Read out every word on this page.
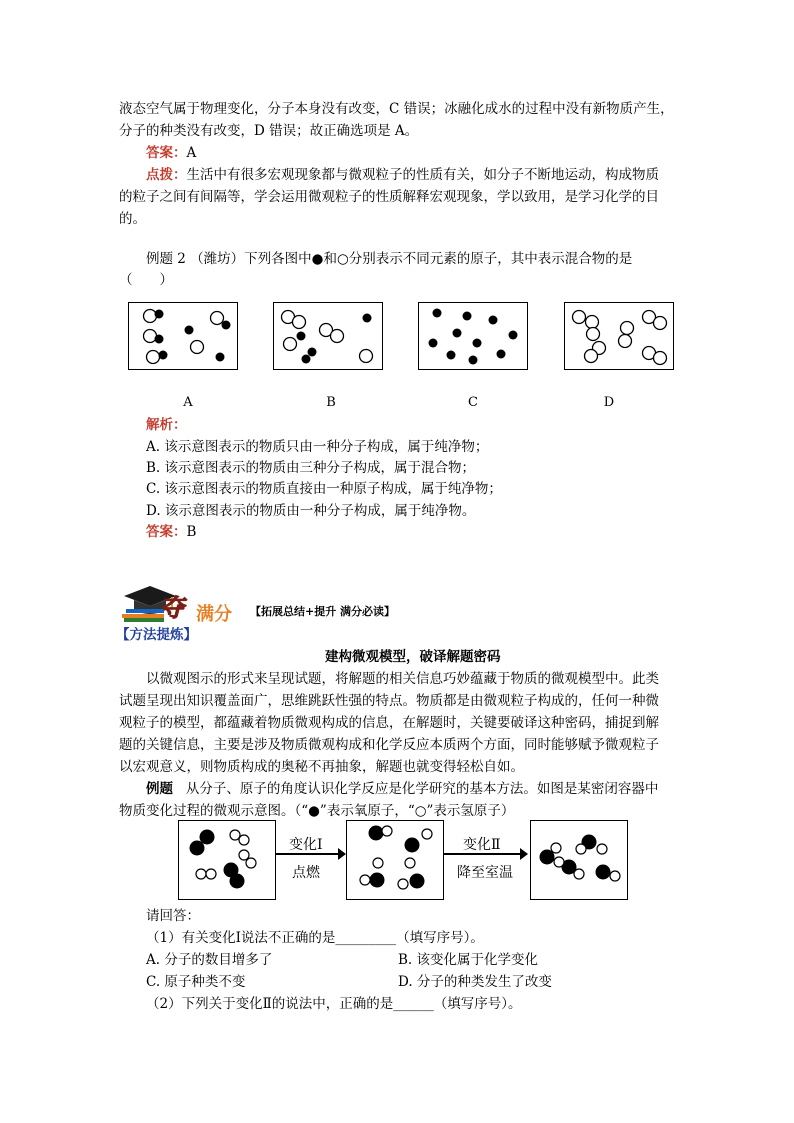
液态空气属于物理变化，分子本身没有改变，C 错误；冰融化成水的过程中没有新物质产生，
分子的种类没有改变，D 错误；故正确选项是 A。
答案：A
点拨：生活中有很多宏观现象都与微观粒子的性质有关，如分子不断地运动，构成物质
的粒子之间有间隔等，学会运用微观粒子的性质解释宏观现象，学以致用，是学习化学的目
的。
例题 2 （潍坊）下列各图中●和○分别表示不同元素的原子，其中表示混合物的是
（　　）
A	B	C	D
解析：
A. 该示意图表示的物质只由一种分子构成，属于纯净物；
B. 该示意图表示的物质由三种分子构成，属于混合物；
C. 该示意图表示的物质直接由一种原子构成，属于纯净物；
D. 该示意图表示的物质由一种分子构成，属于纯净物。
答案：B
夺 满分 【拓展总结+提升 满分必读】
【方法提炼】
建构微观模型，破译解题密码
以微观图示的形式来呈现试题，将解题的相关信息巧妙蕴藏于物质的微观模型中。此类
试题呈现出知识覆盖面广，思维跳跃性强的特点。物质都是由微观粒子构成的，任何一种微
观粒子的模型，都蕴藏着物质微观构成的信息，在解题时，关键要破译这种密码，捕捉到解
题的关键信息，主要是涉及物质微观构成和化学反应本质两个方面，同时能够赋予微观粒子
以宏观意义，则物质构成的奥秘不再抽象，解题也就变得轻松自如。
例题 从分子、原子的角度认识化学反应是化学研究的基本方法。如图是某密闭容器中
物质变化过程的微观示意图。（“●”表示氧原子，“○”表示氢原子）
变化Ⅰ
点燃
变化Ⅱ
降至室温
请回答：
（1）有关变化Ⅰ说法不正确的是_________（填写序号）。
A. 分子的数目增多了	B. 该变化属于化学变化
C. 原子种类不变	D. 分子的种类发生了改变
（2）下列关于变化Ⅱ的说法中，正确的是______（填写序号）。
